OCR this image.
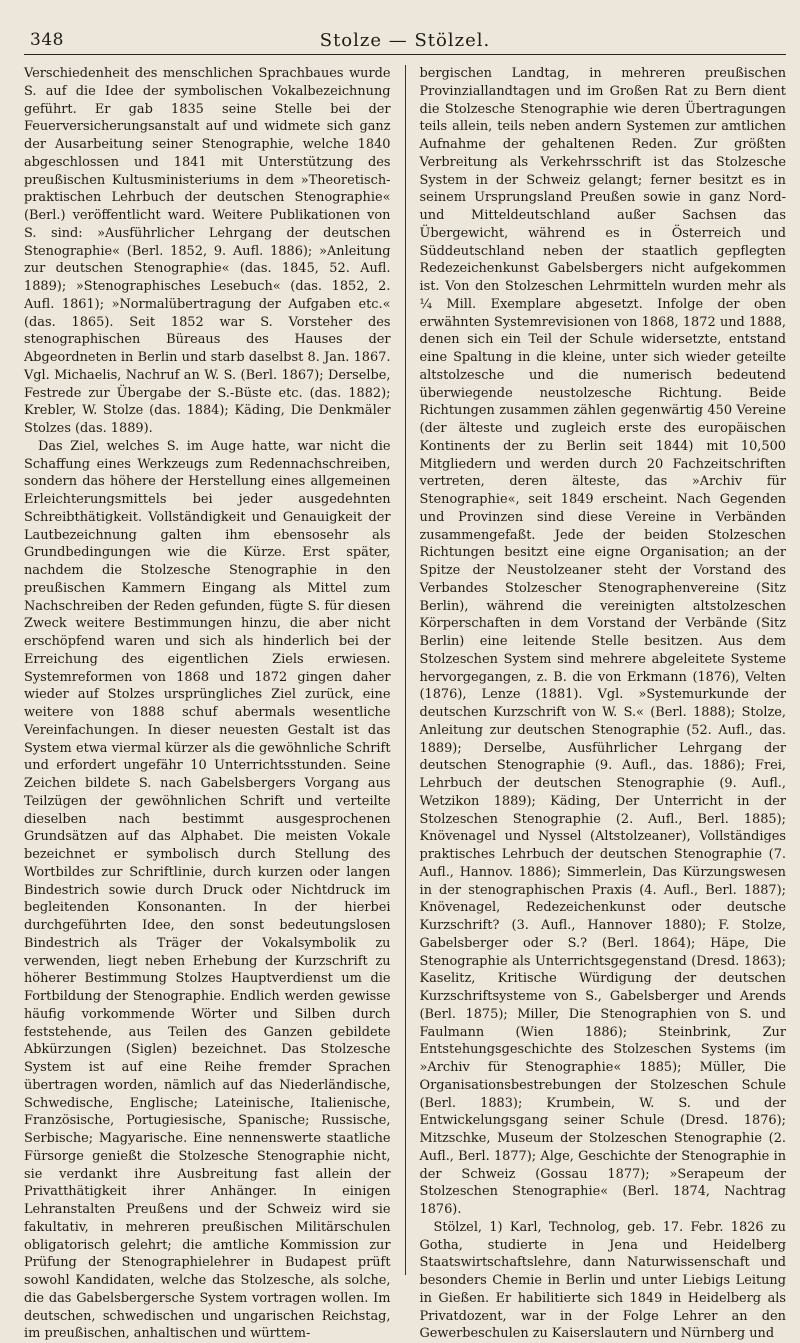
348	Stolze — Stölzel.

Verschiedenheit des menschlichen Sprachbaues wurde S. auf die Idee der symbolischen Vokalbezeichnung geführt. Er gab 1835 seine Stelle bei der Feuerversicherungsanstalt auf und widmete sich ganz der Ausarbeitung seiner Stenographie, welche 1840 abgeschlossen und 1841 mit Unterstützung des preußischen Kultusministeriums in dem »Theoretisch-praktischen Lehrbuch der deutschen Stenographie« (Berl.) veröffentlicht ward. Weitere Publikationen von S. sind: »Ausführlicher Lehrgang der deutschen Stenographie« (Berl. 1852, 9. Aufl. 1886); »Anleitung zur deutschen Stenographie« (das. 1845, 52. Aufl. 1889); »Stenographisches Lesebuch« (das. 1852, 2. Aufl. 1861); »Normalübertragung der Aufgaben etc.« (das. 1865). Seit 1852 war S. Vorsteher des stenographischen Büreaus des Hauses der Abgeordneten in Berlin und starb daselbst 8. Jan. 1867. Vgl. Michaelis, Nachruf an W. S. (Berl. 1867); Derselbe, Festrede zur Übergabe der S.-Büste etc. (das. 1882); Krebler, W. Stolze (das. 1884); Käding, Die Denkmäler Stolzes (das. 1889).

Das Ziel, welches S. im Auge hatte, war nicht die Schaffung eines Werkzeugs zum Redennachschreiben, sondern das höhere der Herstellung eines allgemeinen Erleichterungsmittels bei jeder ausgedehnten Schreibthätigkeit. Vollständigkeit und Genauigkeit der Lautbezeichnung galten ihm ebensosehr als Grundbedingungen wie die Kürze. Erst später, nachdem die Stolzesche Stenographie in den preußischen Kammern Eingang als Mittel zum Nachschreiben der Reden gefunden, fügte S. für diesen Zweck weitere Bestimmungen hinzu, die aber nicht erschöpfend waren und sich als hinderlich bei der Erreichung des eigentlichen Ziels erwiesen. Systemreformen von 1868 und 1872 gingen daher wieder auf Stolzes ursprüngliches Ziel zurück, eine weitere von 1888 schuf abermals wesentliche Vereinfachungen. In dieser neuesten Gestalt ist das System etwa viermal kürzer als die gewöhnliche Schrift und erfordert ungefähr 10 Unterrichtsstunden. Seine Zeichen bildete S. nach Gabelsbergers Vorgang aus Teilzügen der gewöhnlichen Schrift und verteilte dieselben nach bestimmt ausgesprochenen Grundsätzen auf das Alphabet. Die meisten Vokale bezeichnet er symbolisch durch Stellung des Wortbildes zur Schriftlinie, durch kurzen oder langen Bindestrich sowie durch Druck oder Nichtdruck im begleitenden Konsonanten. In der hierbei durchgeführten Idee, den sonst bedeutungslosen Bindestrich als Träger der Vokalsymbolik zu verwenden, liegt neben Erhebung der Kurzschrift zu höherer Bestimmung Stolzes Hauptverdienst um die Fortbildung der Stenographie. Endlich werden gewisse häufig vorkommende Wörter und Silben durch feststehende, aus Teilen des Ganzen gebildete Abkürzungen (Siglen) bezeichnet. Das Stolzesche System ist auf eine Reihe fremder Sprachen übertragen worden, nämlich auf das Niederländische, Schwedische, Englische; Lateinische, Italienische, Französische, Portugiesische, Spanische; Russische, Serbische; Magyarische. Eine nennenswerte staatliche Fürsorge genießt die Stolzesche Stenographie nicht, sie verdankt ihre Ausbreitung fast allein der Privatthätigkeit ihrer Anhänger. In einigen Lehranstalten Preußens und der Schweiz wird sie fakultativ, in mehreren preußischen Militärschulen obligatorisch gelehrt; die amtliche Kommission zur Prüfung der Stenographielehrer in Budapest prüft sowohl Kandidaten, welche das Stolzesche, als solche, die das Gabelsbergersche System vortragen wollen. Im deutschen, schwedischen und ungarischen Reichstag, im preußischen, anhaltischen und württem-

bergischen Landtag, in mehreren preußischen Provinziallandtagen und im Großen Rat zu Bern dient die Stolzesche Stenographie wie deren Übertragungen teils allein, teils neben andern Systemen zur amtlichen Aufnahme der gehaltenen Reden. Zur größten Verbreitung als Verkehrsschrift ist das Stolzesche System in der Schweiz gelangt; ferner besitzt es in seinem Ursprungsland Preußen sowie in ganz Nord- und Mitteldeutschland außer Sachsen das Übergewicht, während es in Österreich und Süddeutschland neben der staatlich gepflegten Redezeichenkunst Gabelsbergers nicht aufgekommen ist. Von den Stolzeschen Lehrmitteln wurden mehr als ¼ Mill. Exemplare abgesetzt. Infolge der oben erwähnten Systemrevisionen von 1868, 1872 und 1888, denen sich ein Teil der Schule widersetzte, entstand eine Spaltung in die kleine, unter sich wieder geteilte altstolzesche und die numerisch bedeutend überwiegende neustolzesche Richtung. Beide Richtungen zusammen zählen gegenwärtig 450 Vereine (der älteste und zugleich erste des europäischen Kontinents der zu Berlin seit 1844) mit 10,500 Mitgliedern und werden durch 20 Fachzeitschriften vertreten, deren älteste, das »Archiv für Stenographie«, seit 1849 erscheint. Nach Gegenden und Provinzen sind diese Vereine in Verbänden zusammengefaßt. Jede der beiden Stolzeschen Richtungen besitzt eine eigne Organisation; an der Spitze der Neustolzeaner steht der Vorstand des Verbandes Stolzescher Stenographenvereine (Sitz Berlin), während die vereinigten altstolzeschen Körperschaften in dem Vorstand der Verbände (Sitz Berlin) eine leitende Stelle besitzen. Aus dem Stolzeschen System sind mehrere abgeleitete Systeme hervorgegangen, z. B. die von Erkmann (1876), Velten (1876), Lenze (1881). Vgl. »Systemurkunde der deutschen Kurzschrift von W. S.« (Berl. 1888); Stolze, Anleitung zur deutschen Stenographie (52. Aufl., das. 1889); Derselbe, Ausführlicher Lehrgang der deutschen Stenographie (9. Aufl., das. 1886); Frei, Lehrbuch der deutschen Stenographie (9. Aufl., Wetzikon 1889); Käding, Der Unterricht in der Stolzeschen Stenographie (2. Aufl., Berl. 1885); Knövenagel und Nyssel (Altstolzeaner), Vollständiges praktisches Lehrbuch der deutschen Stenographie (7. Aufl., Hannov. 1886); Simmerlein, Das Kürzungswesen in der stenographischen Praxis (4. Aufl., Berl. 1887); Knövenagel, Redezeichenkunst oder deutsche Kurzschrift? (3. Aufl., Hannover 1880); F. Stolze, Gabelsberger oder S.? (Berl. 1864); Häpe, Die Stenographie als Unterrichtsgegenstand (Dresd. 1863); Kaselitz, Kritische Würdigung der deutschen Kurzschriftsysteme von S., Gabelsberger und Arends (Berl. 1875); Miller, Die Stenographien von S. und Faulmann (Wien 1886); Steinbrink, Zur Entstehungsgeschichte des Stolzeschen Systems (im »Archiv für Stenographie« 1885); Müller, Die Organisationsbestrebungen der Stolzeschen Schule (Berl. 1883); Krumbein, W. S. und der Entwickelungsgang seiner Schule (Dresd. 1876); Mitzschke, Museum der Stolzeschen Stenographie (2. Aufl., Berl. 1877); Alge, Geschichte der Stenographie in der Schweiz (Gossau 1877); »Serapeum der Stolzeschen Stenographie« (Berl. 1874, Nachtrag 1876).

Stölzel, 1) Karl, Technolog, geb. 17. Febr. 1826 zu Gotha, studierte in Jena und Heidelberg Staatswirtschaftslehre, dann Naturwissenschaft und besonders Chemie in Berlin und unter Liebigs Leitung in Gießen. Er habilitierte sich 1849 in Heidelberg als Privatdozent, war in der Folge Lehrer an den Gewerbeschulen zu Kaiserslautern und Nürnberg und
